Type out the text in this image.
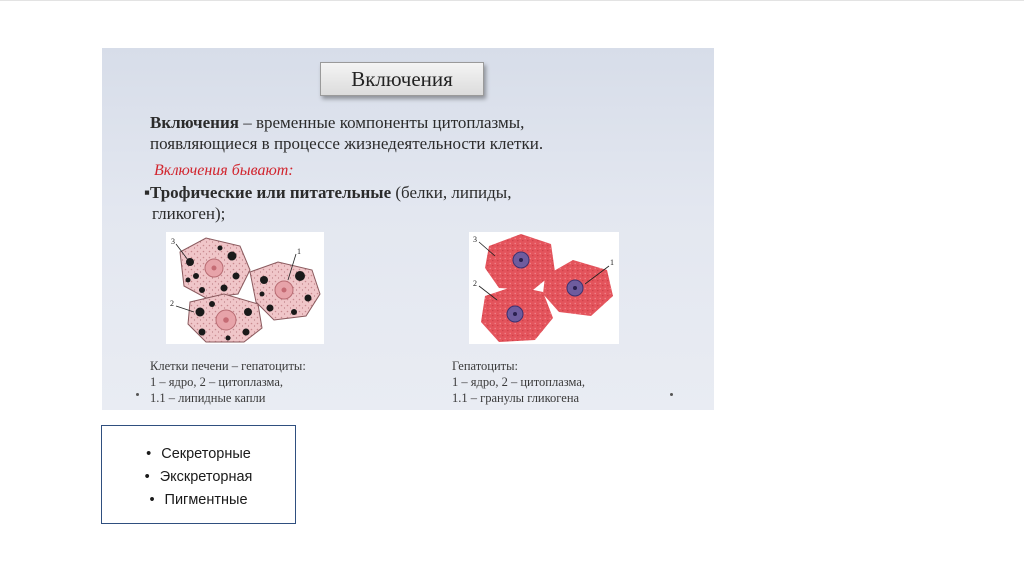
Включения
Включения – временные компоненты цитоплазмы,
появляющиеся в процессе жизнедеятельности клетки.
Включения бывают:
▪Трофические или питательные (белки, липиды,
гликоген);
3
1
2
3
1
2
Клетки печени – гепатоциты:
1 – ядро, 2 – цитоплазма,
1.1 – липидные капли
Гепатоциты:
1 – ядро, 2 – цитоплазма,
1.1 – гранулы гликогена
• Секреторные
• Экскреторная
• Пигментные
